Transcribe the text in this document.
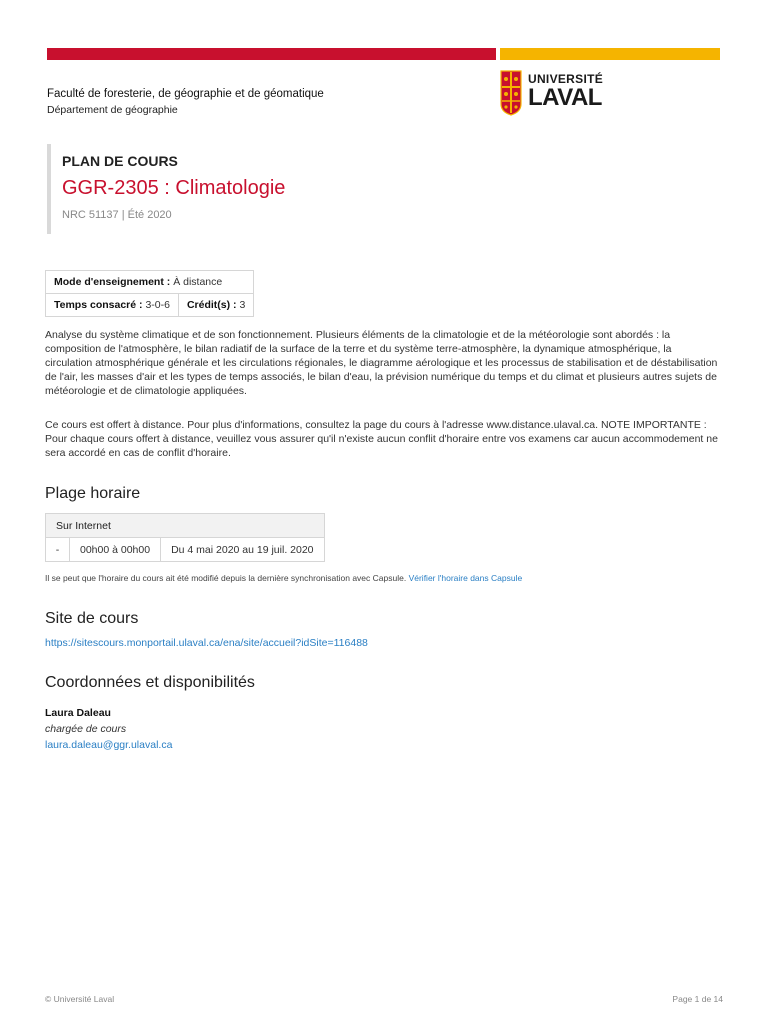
Faculté de foresterie, de géographie et de géomatique
Département de géographie
UNIVERSITÉ
LAVAL
PLAN DE COURS
GGR-2305 : Climatologie
NRC 51137 | Été 2020
Mode d'enseignement : À distance
Temps consacré : 3-0-6	Crédit(s) : 3

Analyse du système climatique et de son fonctionnement. Plusieurs éléments de la climatologie et de la météorologie sont abordés : la composition de l'atmosphère, le bilan radiatif de la surface de la terre et du système terre-atmosphère, la dynamique atmosphérique, la circulation atmosphérique générale et les circulations régionales, le diagramme aérologique et les processus de stabilisation et de déstabilisation de l'air, les masses d'air et les types de temps associés, le bilan d'eau, la prévision numérique du temps et du climat et plusieurs autres sujets de météorologie et de climatologie appliquées.

Ce cours est offert à distance. Pour plus d'informations, consultez la page du cours à l'adresse www.distance.ulaval.ca. NOTE IMPORTANTE : Pour chaque cours offert à distance, veuillez vous assurer qu'il n'existe aucun conflit d'horaire entre vos examens car aucun accommodement ne sera accordé en cas de conflit d'horaire.

Plage horaire
Sur Internet
-	00h00 à 00h00	Du 4 mai 2020 au 19 juil. 2020
Il se peut que l'horaire du cours ait été modifié depuis la dernière synchronisation avec Capsule. Vérifier l'horaire dans Capsule
Site de cours
https://sitescours.monportail.ulaval.ca/ena/site/accueil?idSite=116488
Coordonnées et disponibilités
Laura Daleau
chargée de cours
laura.daleau@ggr.ulaval.ca
© Université Laval	Page 1 de 14
